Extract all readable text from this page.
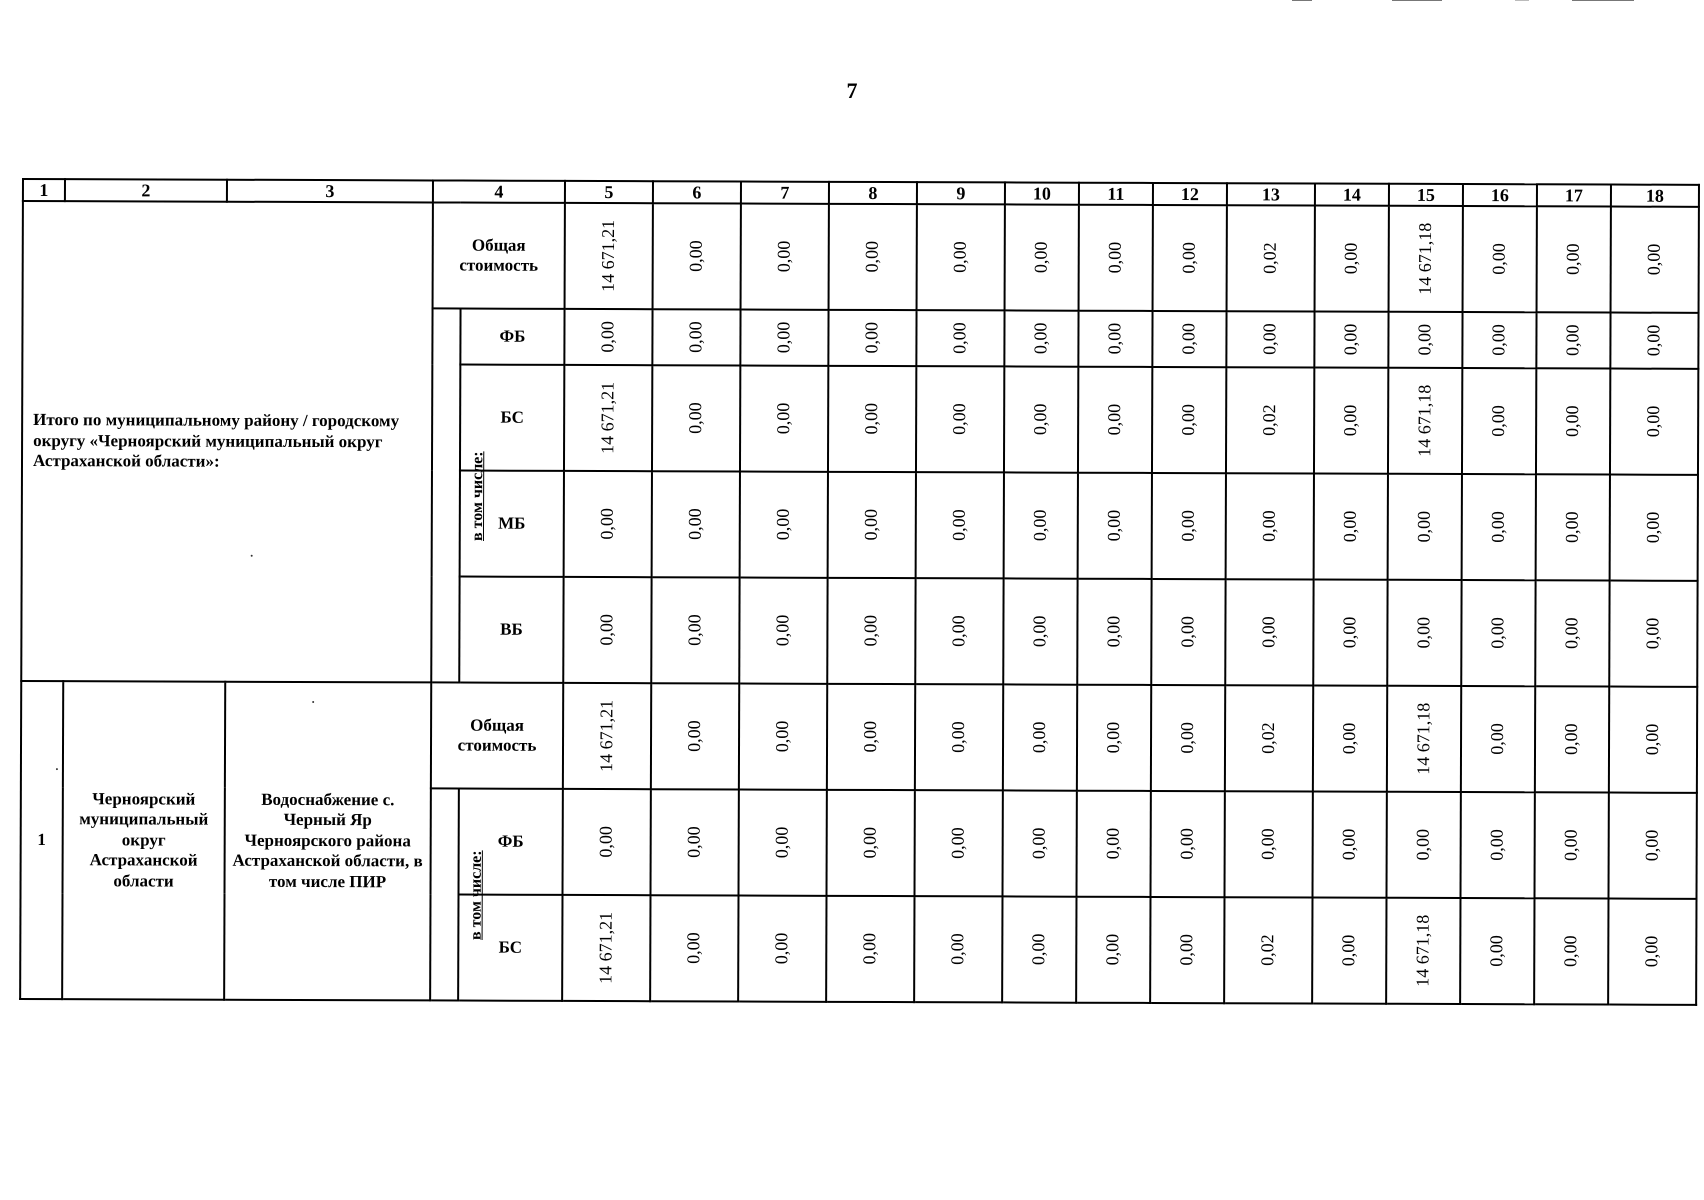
7
1	2	3	4		5	6	7	8	9	10	11	12	13	14	15	16	17	18
Итого по муниципальному району / городскому округу «Черноярский муниципальный округ Астраханской области»:			Общая стоимость		14 671,21	0,00	0,00	0,00	0,00	0,00	0,00	0,00	0,02	0,00	14 671,18	0,00	0,00	0,00
			в том числе:	ФБ	0,00	0,00	0,00	0,00	0,00	0,00	0,00	0,00	0,00	0,00	0,00	0,00	0,00	0,00
				БС	14 671,21	0,00	0,00	0,00	0,00	0,00	0,00	0,00	0,02	0,00	14 671,18	0,00	0,00	0,00
				МБ	0,00	0,00	0,00	0,00	0,00	0,00	0,00	0,00	0,00	0,00	0,00	0,00	0,00	0,00
				ВБ	0,00	0,00	0,00	0,00	0,00	0,00	0,00	0,00	0,00	0,00	0,00	0,00	0,00	0,00
1	Черноярский муниципальный округ Астраханской области	Водоснабжение с. Черный Яр Черноярского района Астраханской области, в том числе ПИР	Общая стоимость		14 671,21	0,00	0,00	0,00	0,00	0,00	0,00	0,00	0,02	0,00	14 671,18	0,00	0,00	0,00
			в том числе:	ФБ	0,00	0,00	0,00	0,00	0,00	0,00	0,00	0,00	0,00	0,00	0,00	0,00	0,00	0,00
				БС	14 671,21	0,00	0,00	0,00	0,00	0,00	0,00	0,00	0,02	0,00	14 671,18	0,00	0,00	0,00
